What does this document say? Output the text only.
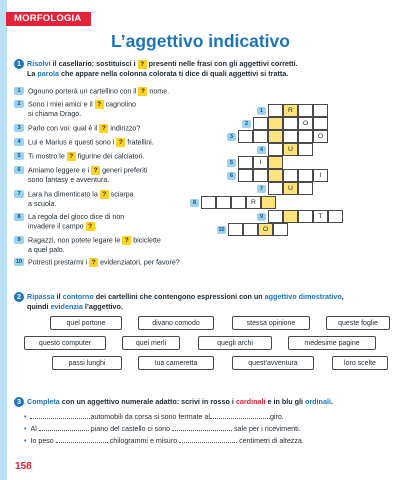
MORFOLOGIA
L’aggettivo indicativo
1 Risolvi il casellario: sostituisci i ? presenti nelle frasi con gli aggettivi corretti.
La parola che appare nella colonna colorata ti dice di quali aggettivi si tratta.
1	Ognuno porterà un cartellino con il ? nome.
2	Sono i miei amici e il ? cagnolino
si chiama Drago.
3	Parlo con voi: qual è il ? indirizzo?
4	Lui e Marius e questi sono i ? fratellini.
5	Ti mostro le ? figurine dei calciatori.
6	Amiamo leggere e i ? generi preferiti
sono fantasy e avventura.
7	Lara ha dimenticato la ? sciarpa
a scuola.
8	La regola del gioco dice di non
invadere il campo ? .
9	Ragazzi, non potete legare le ? biciclette
a quel palo.
10 Potresti prestarmi i ? evidenziatori, per favore?
1	R
2	O
3	O
4	U
5	I
6	I
7	U
8	R
9	T
10	O
2 Ripassa il contorno dei cartellini che contengono espressioni con un aggettivo dimostrativo,
quindi evidenzia l’aggettivo.
quel portone	divano comodo	stessa opinione	queste foglie
questo computer	quei merli	quegli archi	medesime pagine
passi lunghi	tua cameretta	quest’avventura	loro scelte
3 Completa con un aggettivo numerale adatto: scrivi in rosso i cardinali e in blu gli ordinali.
•	automobili da corsa si sono fermate al	giro.
• Al	piano del castello ci sono	sale per i ricevimenti.
• Io peso	chilogrammi e misuro	centimetri di altezza.
158
